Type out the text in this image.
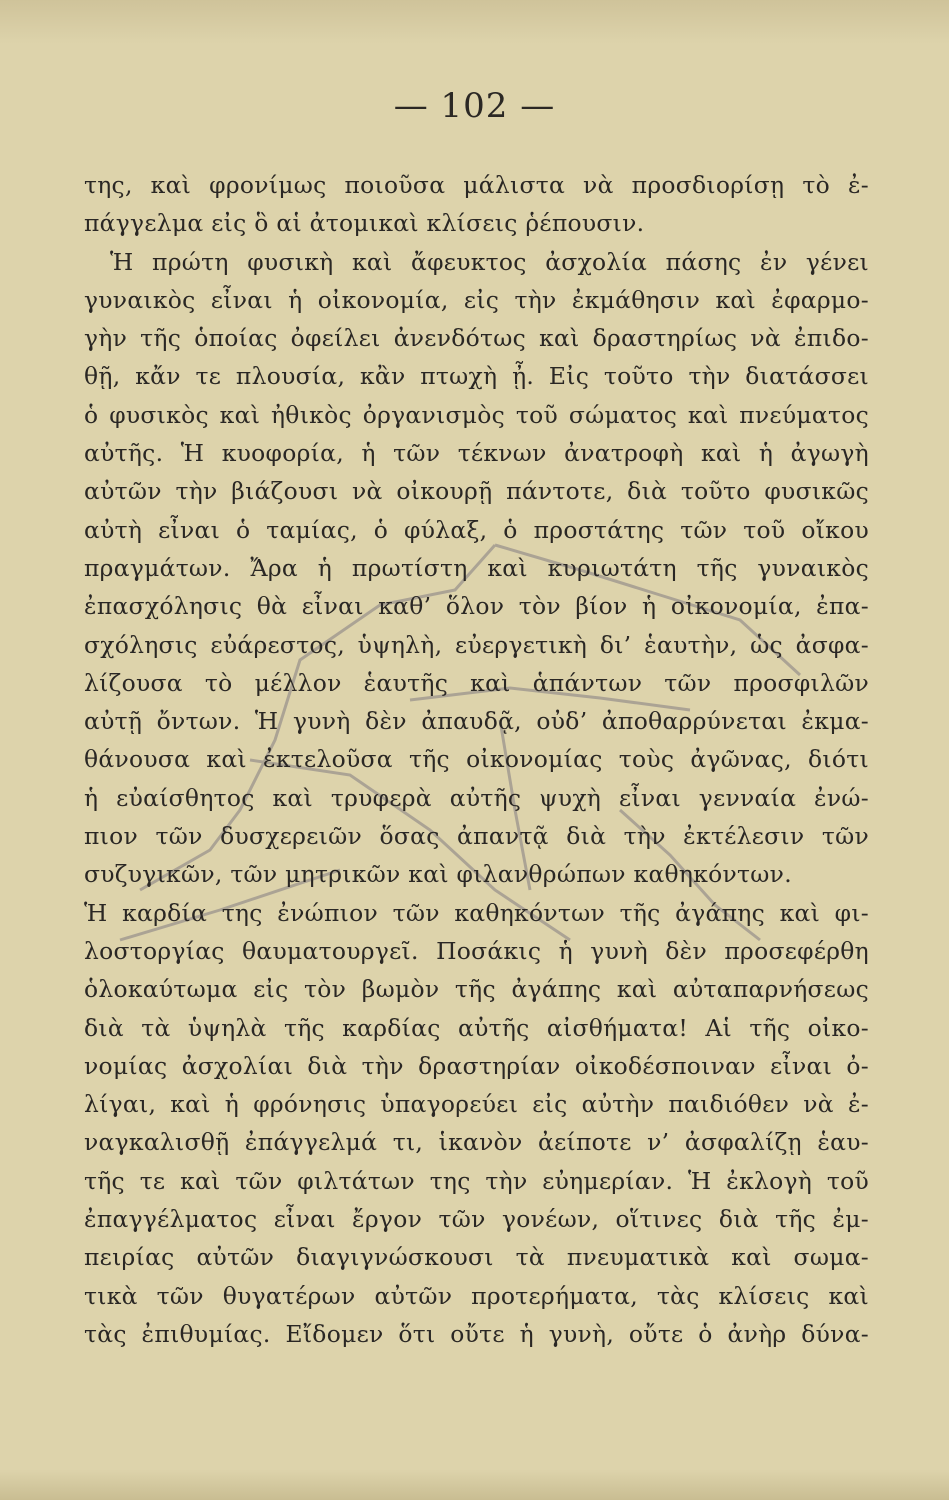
— 102 —
της, καὶ φρονίμως ποιοῦσα μάλιστα νὰ προσδιορίσῃ τὸ ἐ-
πάγγελμα εἰς ὃ αἱ ἀτομικαὶ κλίσεις ῥέπουσιν.
Ἡ πρώτη φυσικὴ καὶ ἄφευκτος ἀσχολία πάσης ἐν γένει
γυναικὸς εἶναι ἡ οἰκονομία, εἰς τὴν ἐκμάθησιν καὶ ἐφαρμο-
γὴν τῆς ὁποίας ὀφείλει ἀνενδότως καὶ δραστηρίως νὰ ἐπιδο-
θῇ, κἄν τε πλουσία, κἂν πτωχὴ ᾖ. Εἰς τοῦτο τὴν διατάσσει
ὁ φυσικὸς καὶ ἠθικὸς ὀργανισμὸς τοῦ σώματος καὶ πνεύματος
αὐτῆς. Ἡ κυοφορία, ἡ τῶν τέκνων ἀνατροφὴ καὶ ἡ ἀγωγὴ
αὐτῶν τὴν βιάζουσι νὰ οἰκουρῇ πάντοτε, διὰ τοῦτο φυσικῶς
αὐτὴ εἶναι ὁ ταμίας, ὁ φύλαξ, ὁ προστάτης τῶν τοῦ οἴκου
πραγμάτων. Ἄρα ἡ πρωτίστη καὶ κυριωτάτη τῆς γυναικὸς
ἐπασχόλησις θὰ εἶναι καθ’ ὅλον τὸν βίον ἡ οἰκονομία, ἐπα-
σχόλησις εὐάρεστος, ὑψηλὴ, εὐεργετικὴ δι’ ἑαυτὴν, ὡς ἀσφα-
λίζουσα τὸ μέλλον ἑαυτῆς καὶ ἁπάντων τῶν προσφιλῶν
αὐτῇ ὄντων. Ἡ γυνὴ δὲν ἀπαυδᾷ, οὐδ’ ἀποθαρρύνεται ἐκμα-
θάνουσα καὶ ἐκτελοῦσα τῆς οἰκονομίας τοὺς ἀγῶνας, διότι
ἡ εὐαίσθητος καὶ τρυφερὰ αὐτῆς ψυχὴ εἶναι γενναία ἐνώ-
πιον τῶν δυσχερειῶν ὅσας ἀπαντᾷ διὰ τὴν ἐκτέλεσιν τῶν
συζυγικῶν, τῶν μητρικῶν καὶ φιλανθρώπων καθηκόντων.
Ἡ καρδία της ἐνώπιον τῶν καθηκόντων τῆς ἀγάπης καὶ φι-
λοστοργίας θαυματουργεῖ. Ποσάκις ἡ γυνὴ δὲν προσεφέρθη
ὁλοκαύτωμα εἰς τὸν βωμὸν τῆς ἀγάπης καὶ αὐταπαρνήσεως
διὰ τὰ ὑψηλὰ τῆς καρδίας αὐτῆς αἰσθήματα! Αἱ τῆς οἰκο-
νομίας ἀσχολίαι διὰ τὴν δραστηρίαν οἰκοδέσποιναν εἶναι ὀ-
λίγαι, καὶ ἡ φρόνησις ὑπαγορεύει εἰς αὐτὴν παιδιόθεν νὰ ἐ-
ναγκαλισθῇ ἐπάγγελμά τι, ἱκανὸν ἀείποτε ν’ ἀσφαλίζῃ ἑαυ-
τῆς τε καὶ τῶν φιλτάτων της τὴν εὐημερίαν. Ἡ ἐκλογὴ τοῦ
ἐπαγγέλματος εἶναι ἔργον τῶν γονέων, οἵτινες διὰ τῆς ἐμ-
πειρίας αὐτῶν διαγιγνώσκουσι τὰ πνευματικὰ καὶ σωμα-
τικὰ τῶν θυγατέρων αὐτῶν προτερήματα, τὰς κλίσεις καὶ
τὰς ἐπιθυμίας. Εἴδομεν ὅτι οὔτε ἡ γυνὴ, οὔτε ὁ ἀνὴρ δύνα-
